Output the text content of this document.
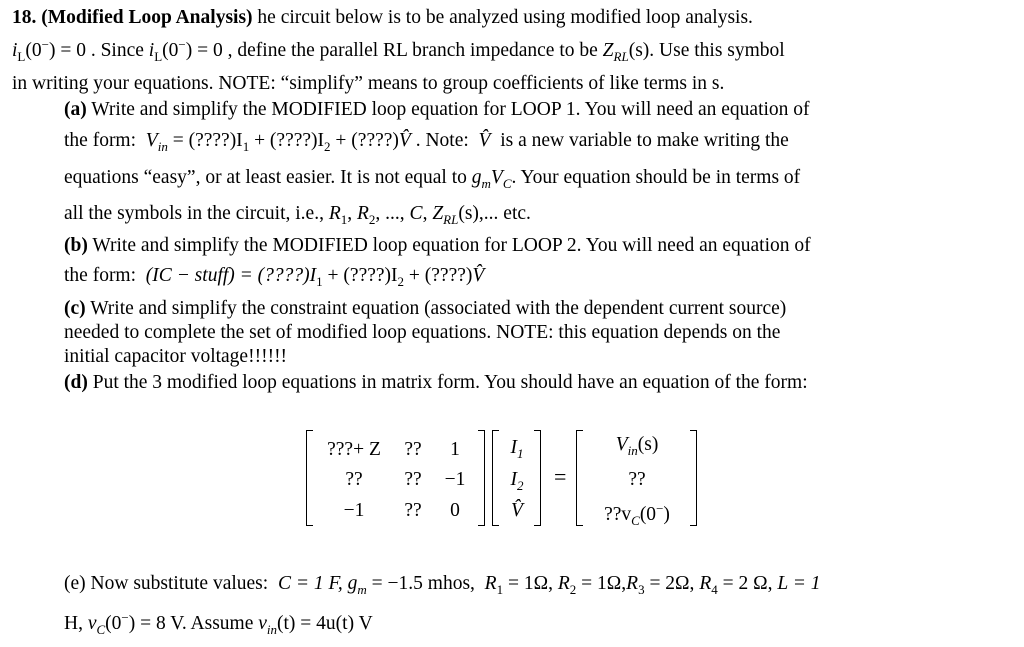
18. (Modified Loop Analysis) he circuit below is to be analyzed using modified loop analysis.
$i_L(0^-) = 0$ . Since $i_L(0^-) = 0$ , define the parallel RL branch impedance to be $Z_{RL}(s)$. Use this symbol
in writing your equations. NOTE: “simplify” means to group coefficients of like terms in s.
(a) Write and simplify the MODIFIED loop equation for LOOP 1. You will need an equation of
the form: $V_{in}$ = $(????)I_1$ + $(????)I_2$ + (????)V̂ . Note: V̂ is a new variable to make writing the
equations “easy”, or at least easier. It is not equal to $g_mV_C$. Your equation should be in terms of
all the symbols in the circuit, i.e., $R_1$, $R_2$, ..., C, $Z_{RL}(s)$,... etc.
(b) Write and simplify the MODIFIED loop equation for LOOP 2. You will need an equation of
the form: (IC − stuff) = $(????)I_1$ + $(????)I_2$ + (????)V̂
(c) Write and simplify the constraint equation (associated with the dependent current source)
needed to complete the set of modified loop equations. NOTE: this equation depends on the
initial capacitor voltage!!!!!!
(d) Put the 3 modified loop equations in matrix form. You should have an equation of the form:
???+ Z	??	1
??	??	−1
−1	??	0
$I_1$
$I_2$
V̂
=
$V_{in}(s)$
??
$??v_C(0^-)$
(e) Now substitute values: C = 1 F, $g_m = -1.5$ mhos, $R_1 = 1\Omega$, $R_2 = 1\Omega,R_3 = 2\Omega$, $R_4 = 2$ Ω, L = 1
H, $v_C(0^-) = 8$ V. Assume $v_{in}(t) = 4u(t)$ V
